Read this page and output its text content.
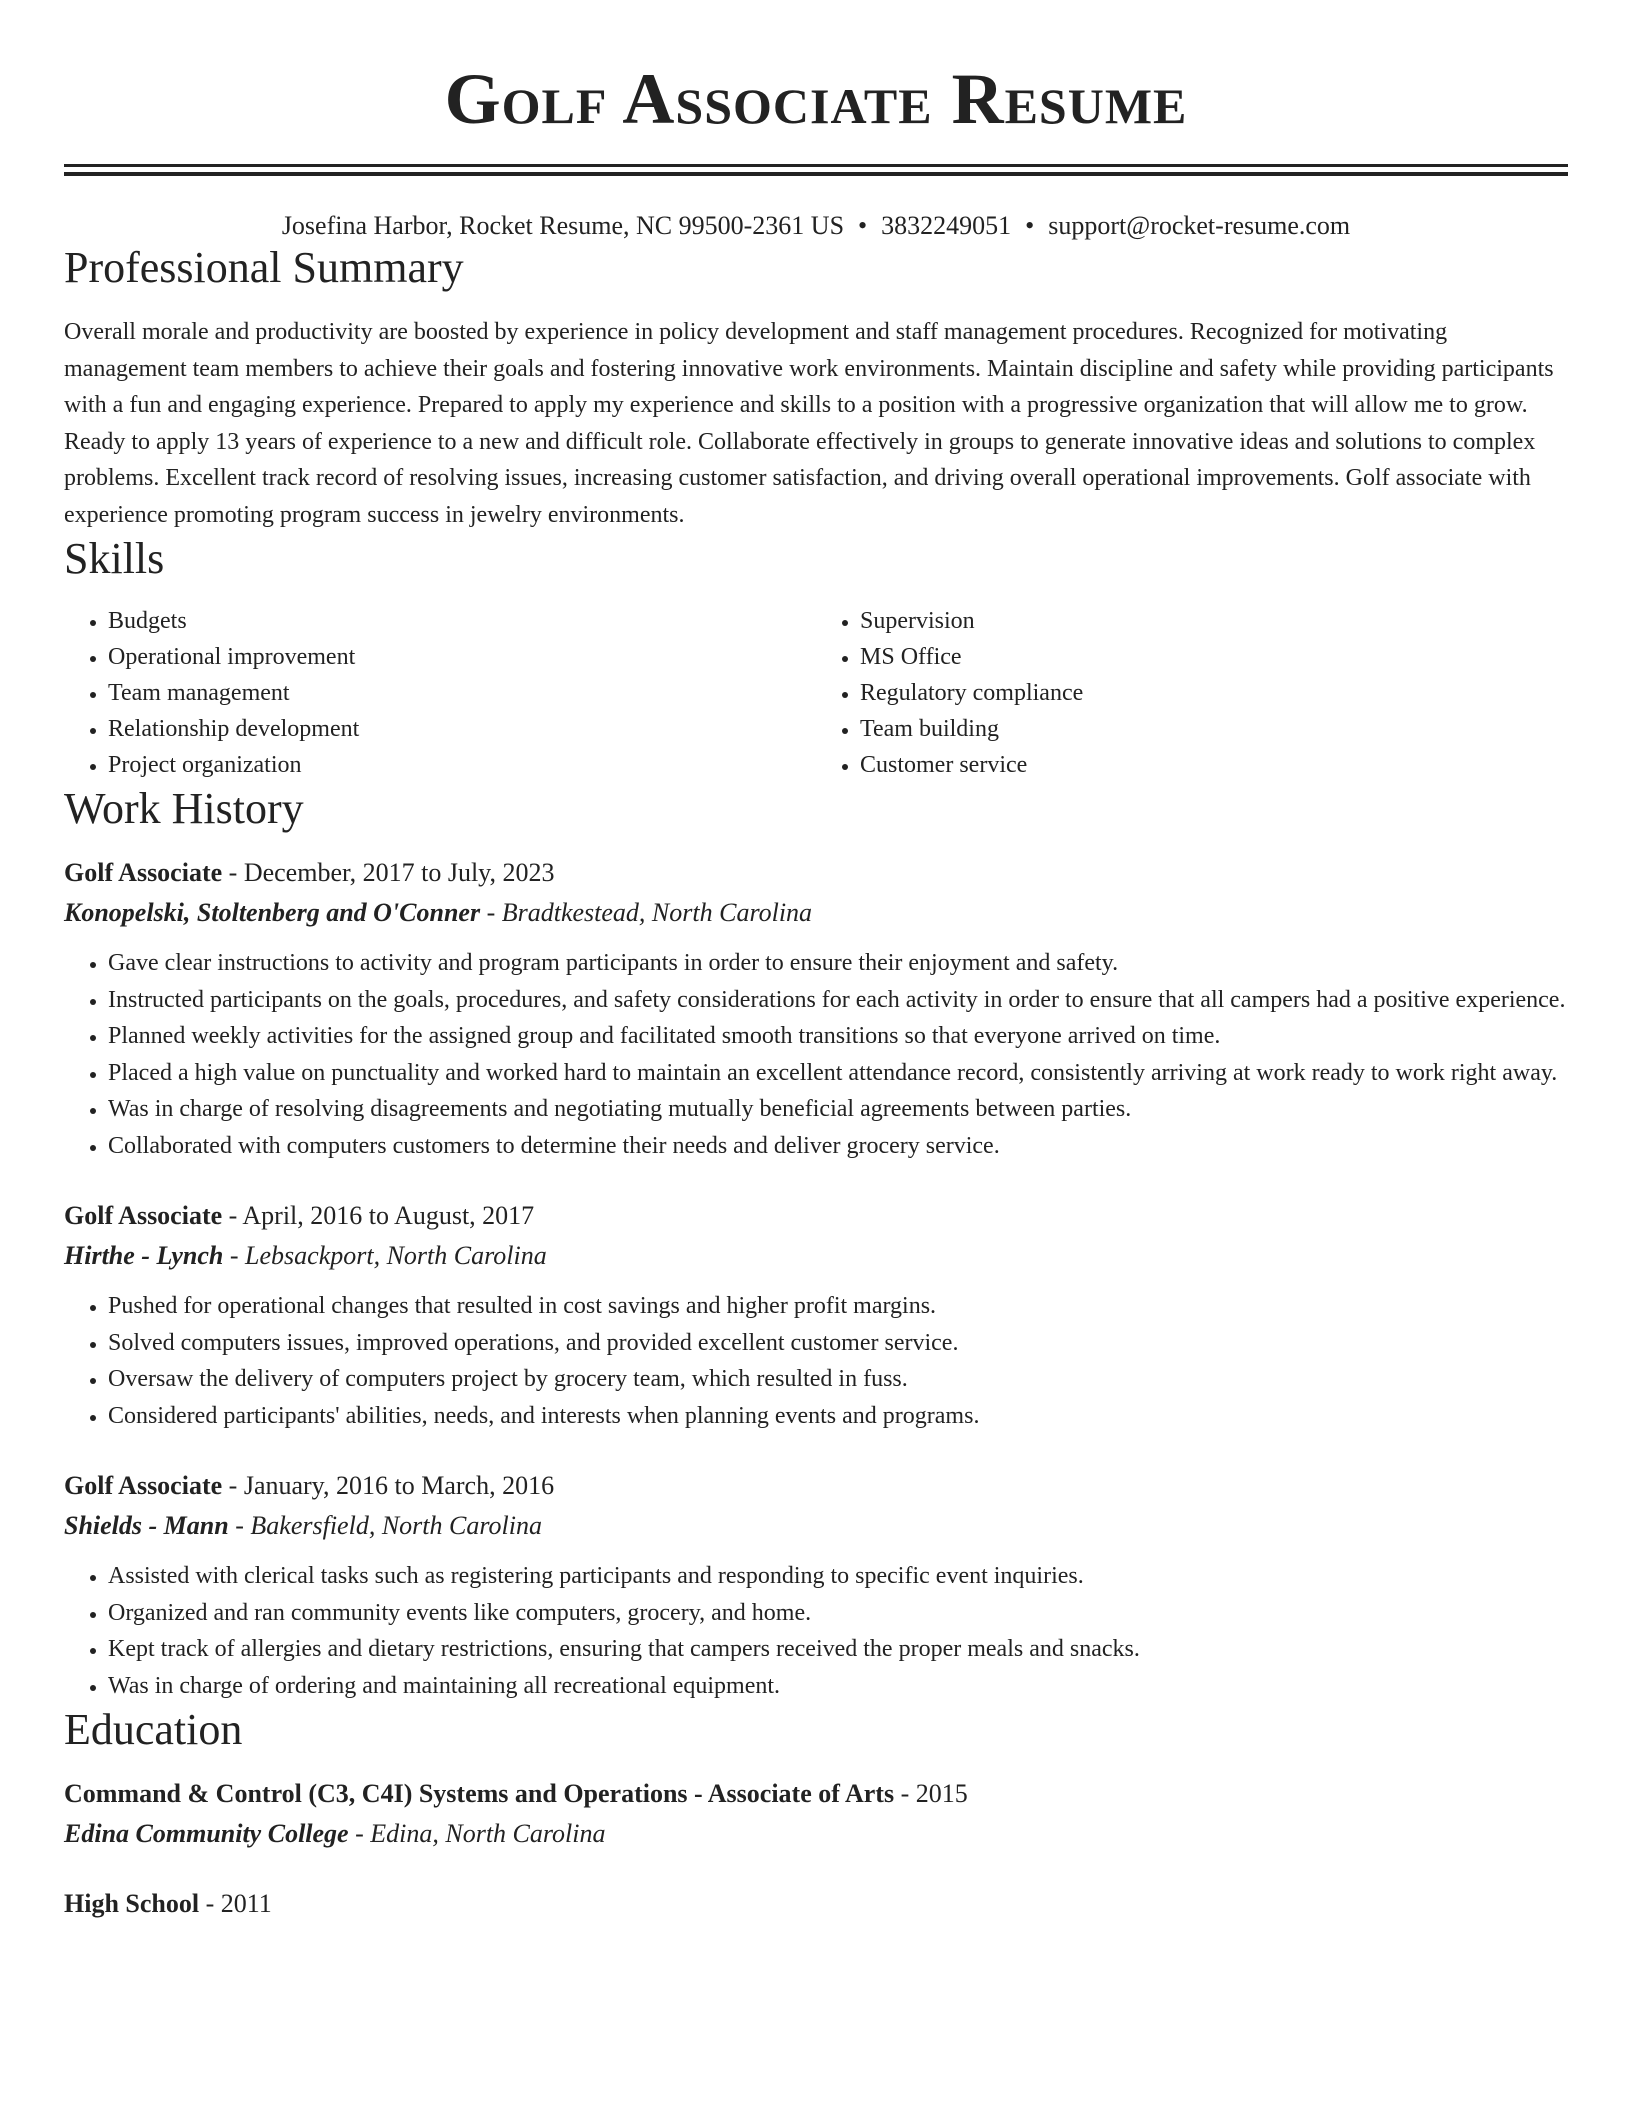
Golf Associate Resume
Josefina Harbor, Rocket Resume, NC 99500-2361 US • 3832249051 • support@rocket-resume.com
Professional Summary

Overall morale and productivity are boosted by experience in policy development and staff management procedures. Recognized for motivating management team members to achieve their goals and fostering innovative work environments. Maintain discipline and safety while providing participants with a fun and engaging experience. Prepared to apply my experience and skills to a position with a progressive organization that will allow me to grow. Ready to apply 13 years of experience to a new and difficult role. Collaborate effectively in groups to generate innovative ideas and solutions to complex problems. Excellent track record of resolving issues, increasing customer satisfaction, and driving overall operational improvements. Golf associate with experience promoting program success in jewelry environments.

Skills
• Budgets
• Operational improvement
• Team management
• Relationship development
• Project organization
• Supervision
• MS Office
• Regulatory compliance
• Team building
• Customer service
Work History
Golf Associate - December, 2017 to July, 2023
Konopelski, Stoltenberg and O'Conner - Bradtkestead, North Carolina
• Gave clear instructions to activity and program participants in order to ensure their enjoyment and safety.
• Instructed participants on the goals, procedures, and safety considerations for each activity in order to ensure that all campers had a positive experience.
• Planned weekly activities for the assigned group and facilitated smooth transitions so that everyone arrived on time.
• Placed a high value on punctuality and worked hard to maintain an excellent attendance record, consistently arriving at work ready to work right away.
• Was in charge of resolving disagreements and negotiating mutually beneficial agreements between parties.
• Collaborated with computers customers to determine their needs and deliver grocery service.
Golf Associate - April, 2016 to August, 2017
Hirthe - Lynch - Lebsackport, North Carolina
• Pushed for operational changes that resulted in cost savings and higher profit margins.
• Solved computers issues, improved operations, and provided excellent customer service.
• Oversaw the delivery of computers project by grocery team, which resulted in fuss.
• Considered participants' abilities, needs, and interests when planning events and programs.
Golf Associate - January, 2016 to March, 2016
Shields - Mann - Bakersfield, North Carolina
• Assisted with clerical tasks such as registering participants and responding to specific event inquiries.
• Organized and ran community events like computers, grocery, and home.
• Kept track of allergies and dietary restrictions, ensuring that campers received the proper meals and snacks.
• Was in charge of ordering and maintaining all recreational equipment.
Education
Command & Control (C3, C4I) Systems and Operations - Associate of Arts - 2015
Edina Community College - Edina, North Carolina
High School - 2011
